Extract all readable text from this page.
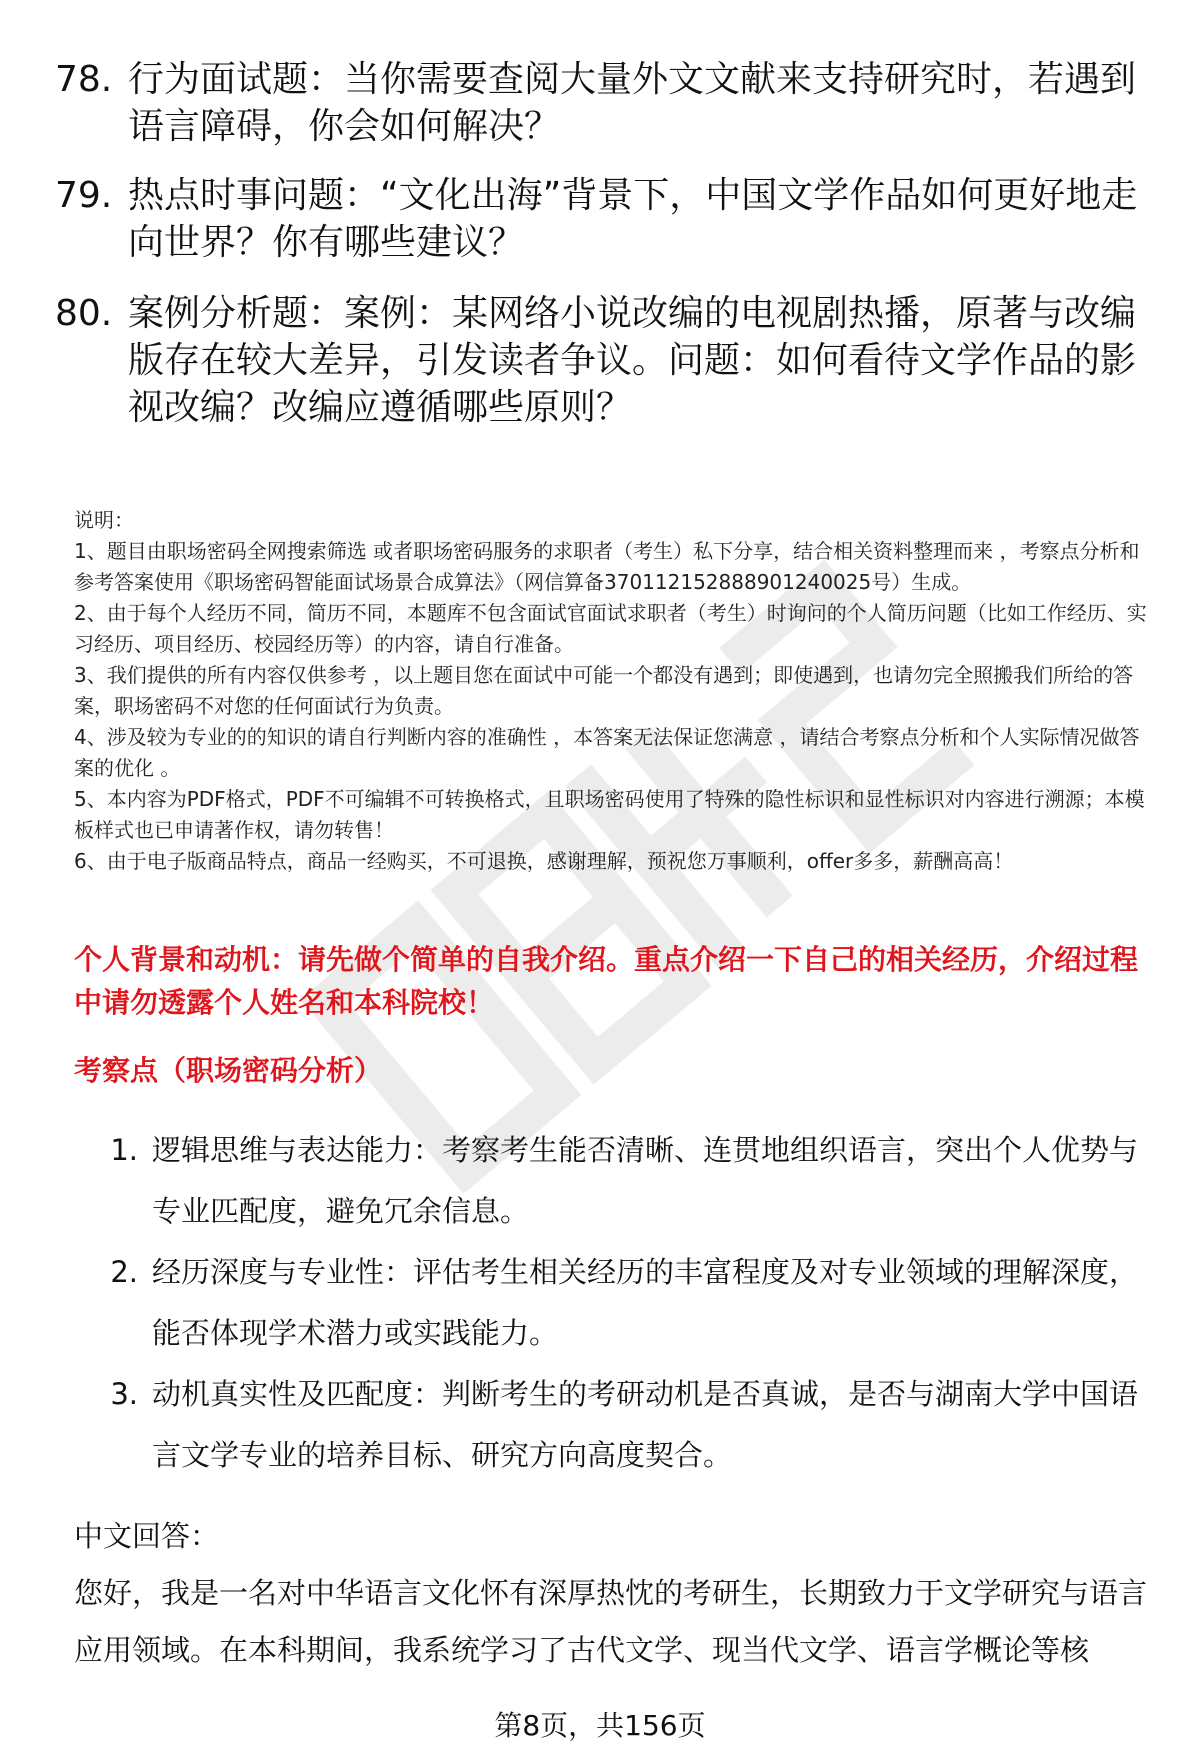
78. 行为面试题：当你需要查阅大量外文文献来支持研究时，若遇到语言障碍，你会如何解决？
79. 热点时事问题：“文化出海”背景下，中国文学作品如何更好地走向世界？你有哪些建议？
80. 案例分析题：案例：某网络小说改编的电视剧热播，原著与改编版存在较大差异，引发读者争议。问题：如何看待文学作品的影视改编？改编应遵循哪些原则？

说明：

1、题目由职场密码全网搜索筛选 或者职场密码服务的求职者（考生）私下分享，结合相关资料整理而来 ，考察点分析和参考答案使用《职场密码智能面试场景合成算法》（网信算备370112152888901240025号）生成。

2、由于每个人经历不同，简历不同，本题库不包含面试官面试求职者（考生）时询问的个人简历问题（比如工作经历、实习经历、项目经历、校园经历等）的内容，请自行准备。

3、我们提供的所有内容仅供参考 ，以上题目您在面试中可能一个都没有遇到；即使遇到，也请勿完全照搬我们所给的答案，职场密码不对您的任何面试行为负责。

4、涉及较为专业的的知识的请自行判断内容的准确性 ，本答案无法保证您满意 ，请结合考察点分析和个人实际情况做答案的优化 。

5、本内容为PDF格式，PDF不可编辑不可转换格式，且职场密码使用了特殊的隐性标识和显性标识对内容进行溯源；本模板样式也已申请著作权，请勿转售！

6、由于电子版商品特点，商品一经购买，不可退换，感谢理解，预祝您万事顺利，offer多多，薪酬高高！

个人背景和动机：请先做个简单的自我介绍。重点介绍一下自己的相关经历，介绍过程中请勿透露个人姓名和本科院校！
考察点（职场密码分析）
1. 逻辑思维与表达能力：考察考生能否清晰、连贯地组织语言，突出个人优势与专业匹配度，避免冗余信息。
2. 经历深度与专业性：评估考生相关经历的丰富程度及对专业领域的理解深度，能否体现学术潜力或实践能力。
3. 动机真实性及匹配度：判断考生的考研动机是否真诚，是否与湖南大学中国语言文学专业的培养目标、研究方向高度契合。

中文回答：

您好，我是一名对中华语言文化怀有深厚热忱的考研生，长期致力于文学研究与语言应用领域。在本科期间，我系统学习了古代文学、现当代文学、语言学概论等核

第8页，共156页
